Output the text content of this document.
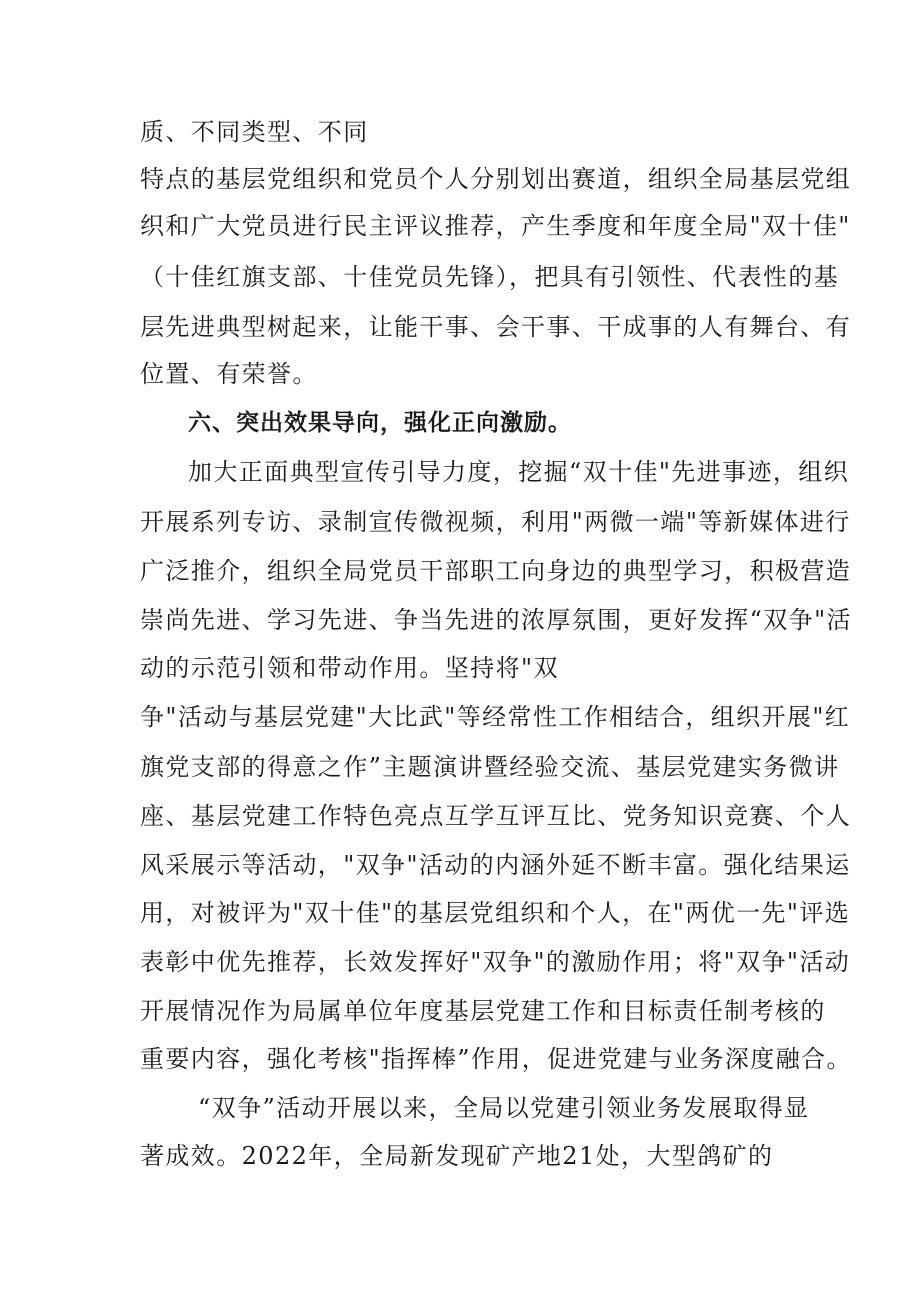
质、不同类型、不同
特点的基层党组织和党员个人分别划出赛道，组织全局基层党组
织和广大党员进行民主评议推荐，产生季度和年度全局"双十佳"
（十佳红旗支部、十佳党员先锋），把具有引领性、代表性的基
层先进典型树起来，让能干事、会干事、干成事的人有舞台、有
位置、有荣誉。
六、突出效果导向，强化正向激励。
加大正面典型宣传引导力度，挖掘“双十佳"先进事迹，组织
开展系列专访、录制宣传微视频，利用"两微一端"等新媒体进行
广泛推介，组织全局党员干部职工向身边的典型学习，积极营造
崇尚先进、学习先进、争当先进的浓厚氛围，更好发挥“双争"活
动的示范引领和带动作用。坚持将"双
争"活动与基层党建"大比武"等经常性工作相结合，组织开展"红
旗党支部的得意之作”主题演讲暨经验交流、基层党建实务微讲
座、基层党建工作特色亮点互学互评互比、党务知识竞赛、个人
风采展示等活动，"双争"活动的内涵外延不断丰富。强化结果运
用，对被评为"双十佳"的基层党组织和个人，在"两优一先"评选
表彰中优先推荐，长效发挥好"双争"的激励作用；将"双争"活动
开展情况作为局属单位年度基层党建工作和目标责任制考核的
重要内容，强化考核"指挥棒”作用，促进党建与业务深度融合。
“双争”活动开展以来，全局以党建引领业务发展取得显
著成效。2022年，全局新发现矿产地21处，大型鸽矿的
